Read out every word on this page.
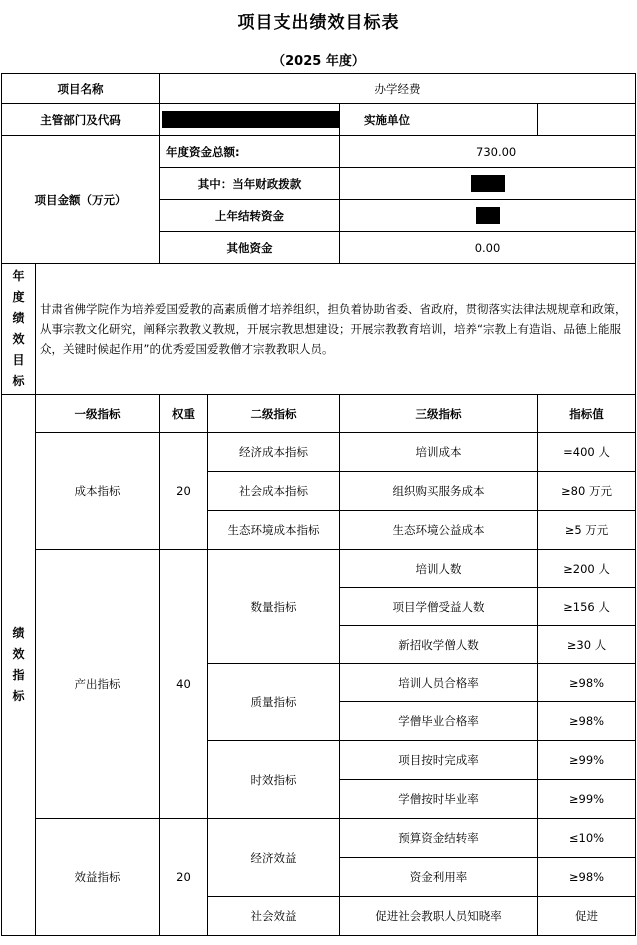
项目支出绩效目标表
（2025 年度）
项目名称		办学经费			
主管部门及代码				实施单位	
项目金额（万元）		年度资金总额:		730.00	
		其中：当年财政拨款			
		上年结转资金			
		其他资金		0.00	
年度绩效目标	甘肃省佛学院作为培养爱国爱教的高素质僧才培养组织，担负着协助省委、省政府，贯彻落实法律法规规章和政策，从事宗教文化研究，阐释宗教教义教规，开展宗教思想建设；开展宗教教育培训，培养“宗教上有造诣、品德上能服众，关键时候起作用”的优秀爱国爱教僧才宗教教职人员。				
绩效指标	一级指标	权重	二级指标	三级指标	指标值
	成本指标	20	经济成本指标	培训成本	=400 人
			社会成本指标	组织购买服务成本	≥80 万元
			生态环境成本指标	生态环境公益成本	≥5 万元
	产出指标	40	数量指标	培训人数	≥200 人
				项目学僧受益人数	≥156 人
				新招收学僧人数	≥30 人
			质量指标	培训人员合格率	≥98%
				学僧毕业合格率	≥98%
			时效指标	项目按时完成率	≥99%
				学僧按时毕业率	≥99%
	效益指标	20	经济效益	预算资金结转率	≤10%
				资金利用率	≥98%
			社会效益	促进社会教职人员知晓率	促进
